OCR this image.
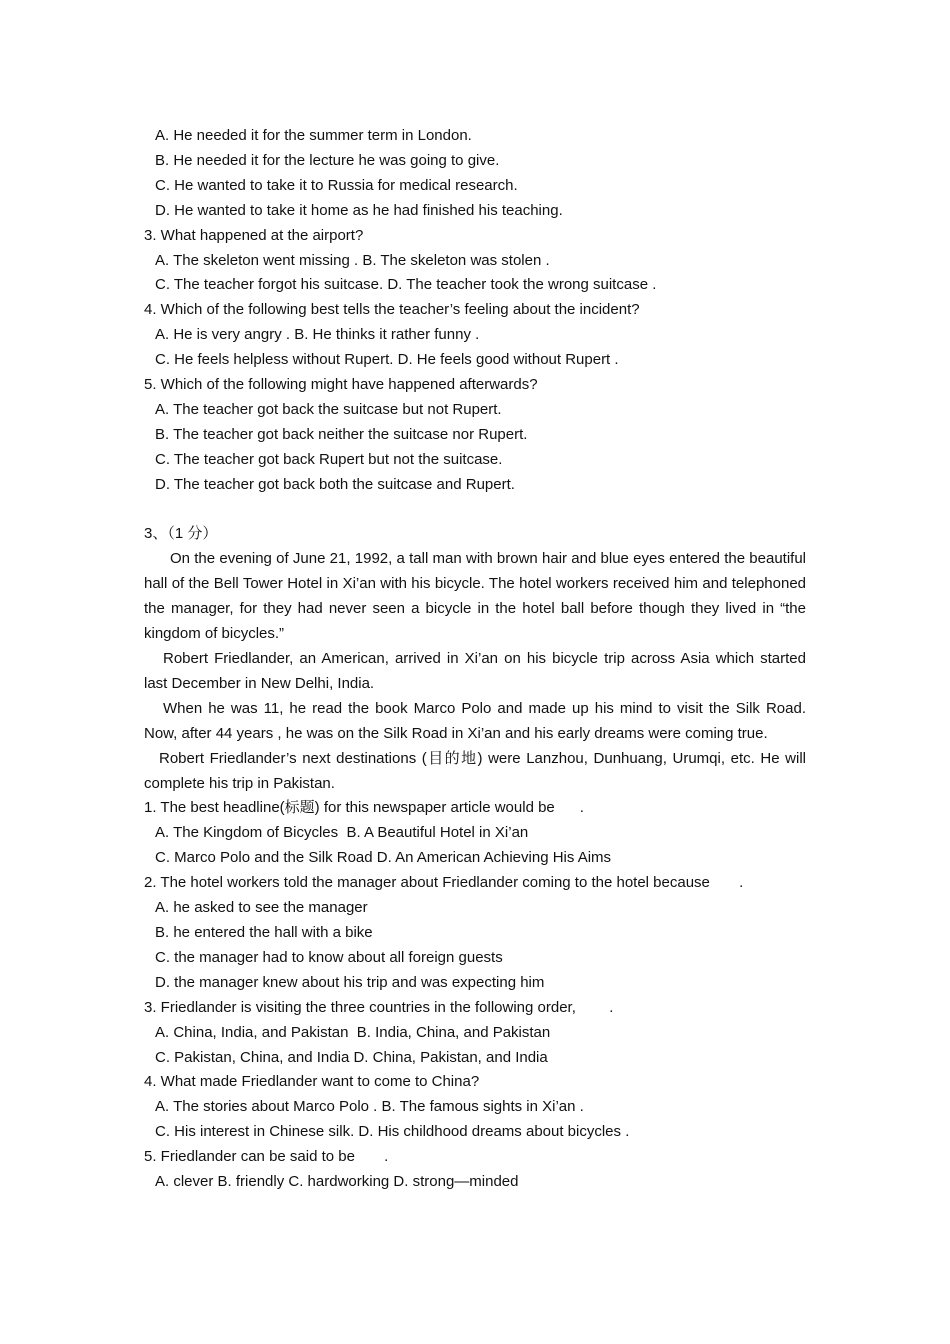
A. He needed it for the summer term in London.
B. He needed it for the lecture he was going to give.
C. He wanted to take it to Russia for medical research.
D. He wanted to take it home as he had finished his teaching.
3. What happened at the airport?
A. The skeleton went missing . B. The skeleton was stolen .
C. The teacher forgot his suitcase. D. The teacher took the wrong suitcase .
4. Which of the following best tells the teacher’s feeling about the incident?
A. He is very angry . B. He thinks it rather funny .
C. He feels helpless without Rupert. D. He feels good without Rupert .
5. Which of the following might have happened afterwards?
A. The teacher got back the suitcase but not Rupert.
B. The teacher got back neither the suitcase nor Rupert.
C. The teacher got back Rupert but not the suitcase.
D. The teacher got back both the suitcase and Rupert.
3、（1 分）
On the evening of June 21, 1992, a tall man with brown hair and blue eyes entered the beautiful hall of the Bell Tower Hotel in Xi’an with his bicycle. The hotel workers received him and telephoned the manager, for they had never seen a bicycle in the hotel ball before though they lived in “the kingdom of bicycles.”
Robert Friedlander, an American, arrived in Xi’an on his bicycle trip across Asia which started last December in New Delhi, India.
When he was 11, he read the book Marco Polo and made up his mind to visit the Silk Road. Now, after 44 years , he was on the Silk Road in Xi’an and his early dreams were coming true.
Robert Friedlander’s next destinations (目的地) were Lanzhou, Dunhuang, Urumqi, etc. He will complete his trip in Pakistan.
1. The best headline(标题) for this newspaper article would be      .
A. The Kingdom of Bicycles  B. A Beautiful Hotel in Xi’an
C. Marco Polo and the Silk Road D. An American Achieving His Aims
2. The hotel workers told the manager about Friedlander coming to the hotel because       .
A. he asked to see the manager
B. he entered the hall with a bike
C. the manager had to know about all foreign guests
D. the manager knew about his trip and was expecting him
3. Friedlander is visiting the three countries in the following order,        .
A. China, India, and Pakistan  B. India, China, and Pakistan
C. Pakistan, China, and India D. China, Pakistan, and India
4. What made Friedlander want to come to China?
A. The stories about Marco Polo . B. The famous sights in Xi’an .
C. His interest in Chinese silk. D. His childhood dreams about bicycles .
5. Friedlander can be said to be       .
A. clever B. friendly C. hardworking D. strong—minded
